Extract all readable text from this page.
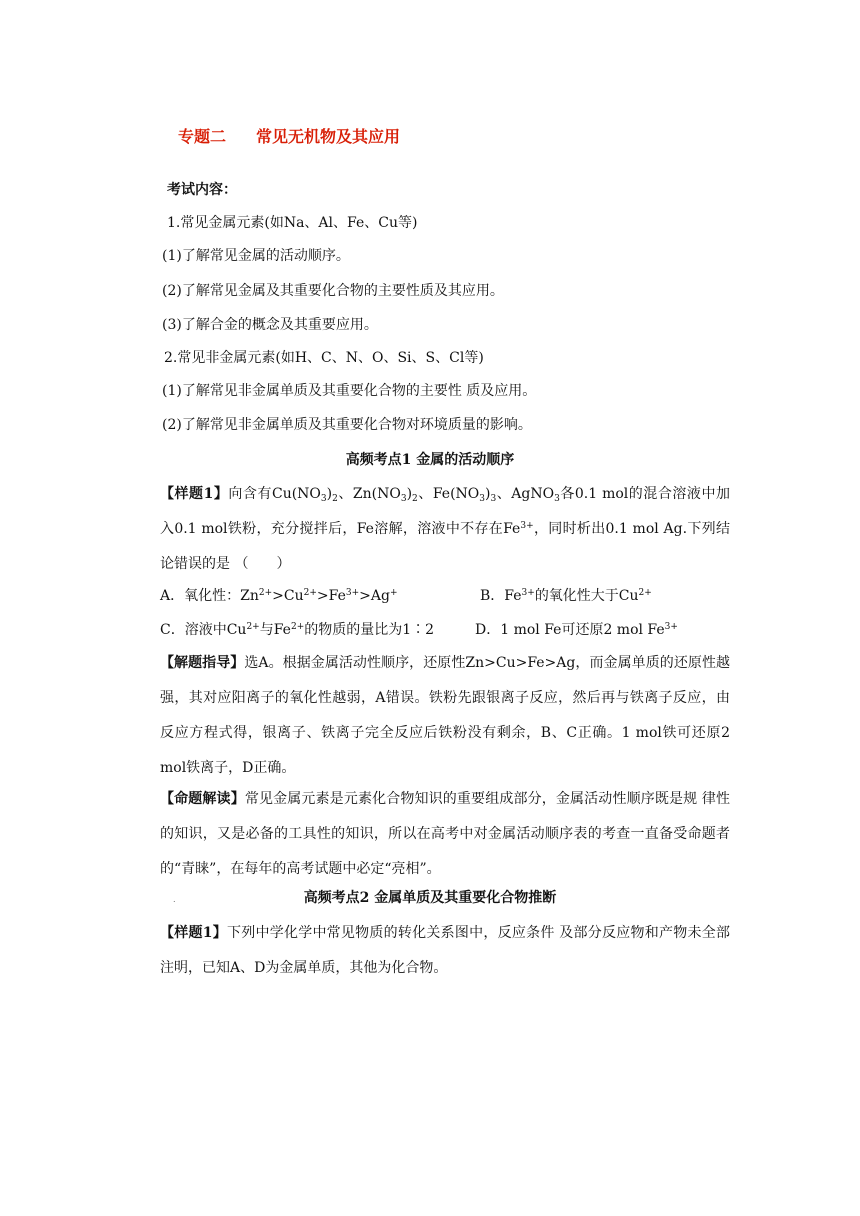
专题二 常见无机物及其应用
考试内容：
1.常见金属元素(如Na、Al、Fe、Cu等)
(1)了解常见金属的活动顺序。
(2)了解常见金属及其重要化合物的主要性质及其应用。
(3)了解合金的概念及其重要应用。
2.常见非金属元素(如H、C、N、O、Si、S、Cl等)
(1)了解常见非金属单质及其重要化合物的主要性 质及应用。
(2)了解常见非金属单质及其重要化合物对环境质量的影响。
高频考点1 金属的活动顺序
【样题1】向含有$Cu(NO_3)_2$、$Zn(NO_3)_2$、$Fe(NO_3)_3$、AgNO$_3$各0.1 mol的混合溶液中加入0.1 mol铁粉，充分搅拌后，Fe溶解，溶液中不存在$Fe^{3+}$，同时析出0.1 mol Ag.下列结论错误的是 （　　）
A．氧化性：$Zn^{2+}>Cu^{2+}>Fe^{3+}>Ag^+$	B．$Fe^{3+}$的氧化性大于$Cu^{2+}$
C．溶液中$Cu^{2+}$与$Fe^{2+}$的物质的量比为1∶2	D．1 mol Fe可还原2 mol $Fe^{3+}$
【解题指导】选A。根据金属活动性顺序，还原性Zn>Cu>Fe>Ag，而金属单质的还原性越强，其对应阳离子的氧化性越弱，A错误。铁粉先跟银离子反应，然后再与铁离子反应，由反应方程式得，银离子、铁离子完全反应后铁粉没有剩余，B、C正确。1 mol铁可还原2 mol铁离子，D正确。
【命题解读】常见金属元素是元素化合物知识的重要组成部分，金属活动性顺序既是规 律性的知识，又是必备的工具性的知识，所以在高考中对金属活动顺序表的考查一直备受命题者的“青睐”，在每年的高考试题中必定“亮相”。
.	高频考点2 金属单质及其重要化合物推断
【样题1】下列中学化学中常见物质的转化关系图中，反应条件 及部分反应物和产物未全部注明，已知A、D为金属单质，其他为化合物。
